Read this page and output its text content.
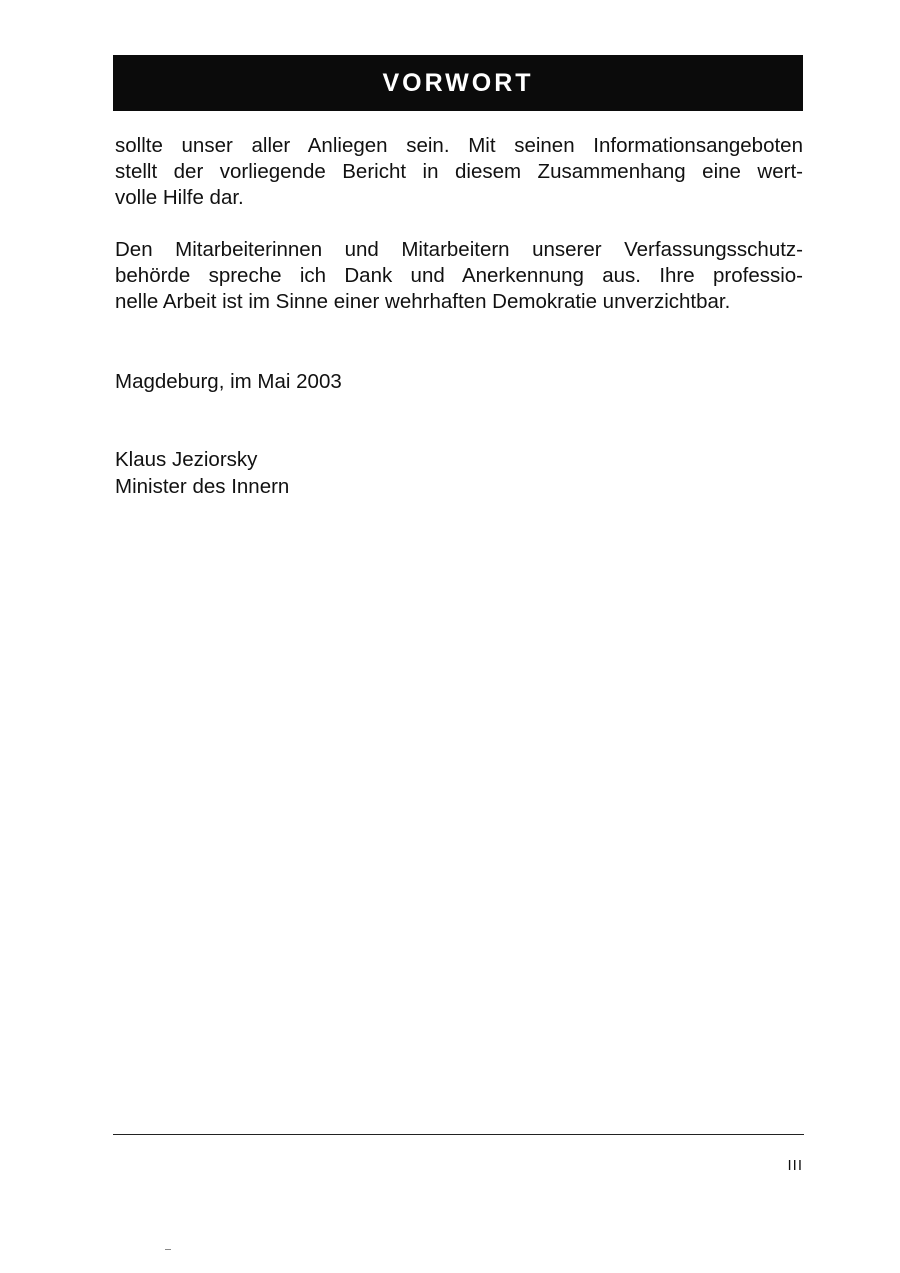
VORWORT

sollte unser aller Anliegen sein. Mit seinen Informationsangeboten
stellt der vorliegende Bericht in diesem Zusammenhang eine wert-
volle Hilfe dar.

Den Mitarbeiterinnen und Mitarbeitern unserer Verfassungsschutz-
behörde spreche ich Dank und Anerkennung aus. Ihre professio-
nelle Arbeit ist im Sinne einer wehrhaften Demokratie unverzichtbar.

Magdeburg, im Mai 2003

Klaus Jeziorsky

Minister des Innern

III
